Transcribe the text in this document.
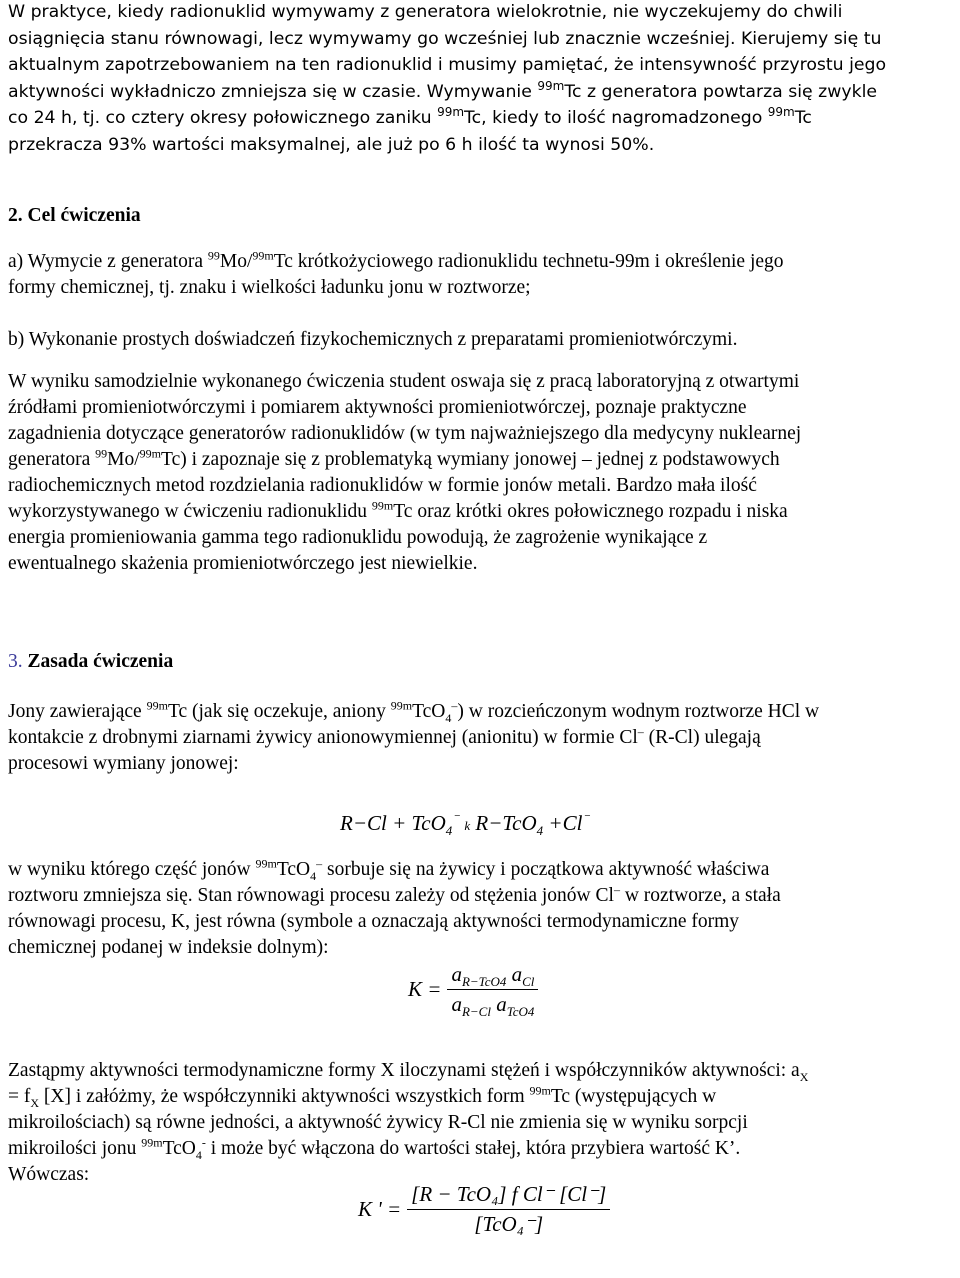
W praktyce, kiedy radionuklid wymywamy z generatora wielokrotnie, nie wyczekujemy do chwili

osiągnięcia stanu równowagi, lecz wymywamy go wcześniej lub znacznie wcześniej. Kierujemy się tu

aktualnym zapotrzebowaniem na ten radionuklid i musimy pamiętać, że intensywność przyrostu jego

aktywności wykładniczo zmniejsza się w czasie. Wymywanie $^{99m}$Tc z generatora powtarza się zwykle

co 24 h, tj. co cztery okresy połowicznego zaniku $^{99m}$Tc, kiedy to ilość nagromadzonego $^{99m}$Tc

przekracza 93% wartości maksymalnej, ale już po 6 h ilość ta wynosi 50%.

2. Cel ćwiczenia

a) Wymycie z generatora $^{99}$Mo/$^{99m}$Tc krótkożyciowego radionuklidu technetu-99m i określenie jego

formy chemicznej, tj. znaku i wielkości ładunku jonu w roztworze;

b) Wykonanie prostych doświadczeń fizykochemicznych z preparatami promieniotwórczymi.

W wyniku samodzielnie wykonanego ćwiczenia student oswaja się z pracą laboratoryjną z otwartymi

źródłami promieniotwórczymi i pomiarem aktywności promieniotwórczej, poznaje praktyczne

zagadnienia dotyczące generatorów radionuklidów (w tym najważniejszego dla medycyny nuklearnej

generatora $^{99}$Mo/$^{99m}$Tc) i zapoznaje się z problematyką wymiany jonowej – jednej z podstawowych

radiochemicznych metod rozdzielania radionuklidów w formie jonów metali. Bardzo mała ilość

wykorzystywanego w ćwiczeniu radionuklidu $^{99m}$Tc oraz krótki okres połowicznego rozpadu i niska

energia promieniowania gamma tego radionuklidu powodują, że zagrożenie wynikające z

ewentualnego skażenia promieniotwórczego jest niewielkie.

3. Zasada ćwiczenia

Jony zawierające $^{99m}$Tc (jak się oczekuje, aniony $^{99m}$TcO$_4$–) w rozcieńczonym wodnym roztworze HCl w

kontakcie z drobnymi ziarnami żywicy anionowymiennej (anionitu) w formie Cl– (R-Cl) ulegają

procesowi wymiany jonowej:

R−Cl + TcO$_4$⁻ k R−TcO$_4$ +Cl⁻

w wyniku którego część jonów $^{99m}$TcO$_4$– sorbuje się na żywicy i początkowa aktywność właściwa

roztworu zmniejsza się. Stan równowagi procesu zależy od stężenia jonów Cl– w roztworze, a stała

równowagi procesu, K, jest równa (symbole a oznaczają aktywności termodynamiczne formy

chemicznej podanej w indeksie dolnym):

$K = \frac{a_{R-TcO4} a_{Cl}}{a_{R-Cl} a_{TcO4}}$

Zastąpmy aktywności termodynamiczne formy X iloczynami stężeń i współczynników aktywności: $a_X$

= $f_X$ [X] i załóżmy, że współczynniki aktywności wszystkich form $^{99m}$Tc (występujących w

mikroilościach) są równe jedności, a aktywność żywicy R-Cl nie zmienia się w wyniku sorpcji

mikroilości jonu $^{99m}$TcO$_4$- i może być włączona do wartości stałej, która przybiera wartość K’.

Wówczas:

K ' = $\frac{\text{[R − TcO₄] f Cl⁻ [Cl⁻]}}{\text{[TcO₄⁻]}}$
